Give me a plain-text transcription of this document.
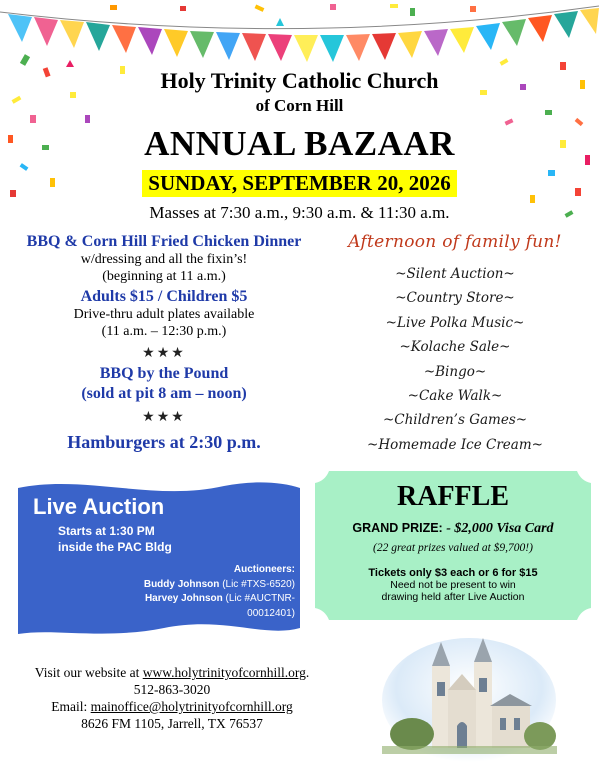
Holy Trinity Catholic Church
of Corn Hill
ANNUAL BAZAAR
SUNDAY, SEPTEMBER 20, 2026
Masses at 7:30 a.m., 9:30 a.m. & 11:30 a.m.
BBQ & Corn Hill Fried Chicken Dinner
w/dressing and all the fixin’s!
(beginning at 11 a.m.)
Adults $15 / Children $5
Drive-thru adult plates available
(11 a.m. – 12:30 p.m.)
★★★
BBQ by the Pound
(sold at pit 8 am – noon)
★★★
Hamburgers at 2:30 p.m.
Afternoon of family fun!
~Silent Auction~
~Country Store~
~Live Polka Music~
~Kolache Sale~
~Bingo~
~Cake Walk~
~Children’s Games~
~Homemade Ice Cream~
Live Auction
Starts at 1:30 PM
inside the PAC Bldg
Auctioneers:
Buddy Johnson (Lic #TXS-6520)
Harvey Johnson (Lic #AUCTNR-
00012401)
RAFFLE
GRAND PRIZE: - $2,000 Visa Card
(22 great prizes valued at $9,700!)
Tickets only $3 each or 6 for $15
Need not be present to win
drawing held after Live Auction
Visit our website at www.holytrinityofcornhill.org.
512-863-3020
Email: mainoffice@holytrinityofcornhill.org
8626 FM 1105, Jarrell, TX 76537
